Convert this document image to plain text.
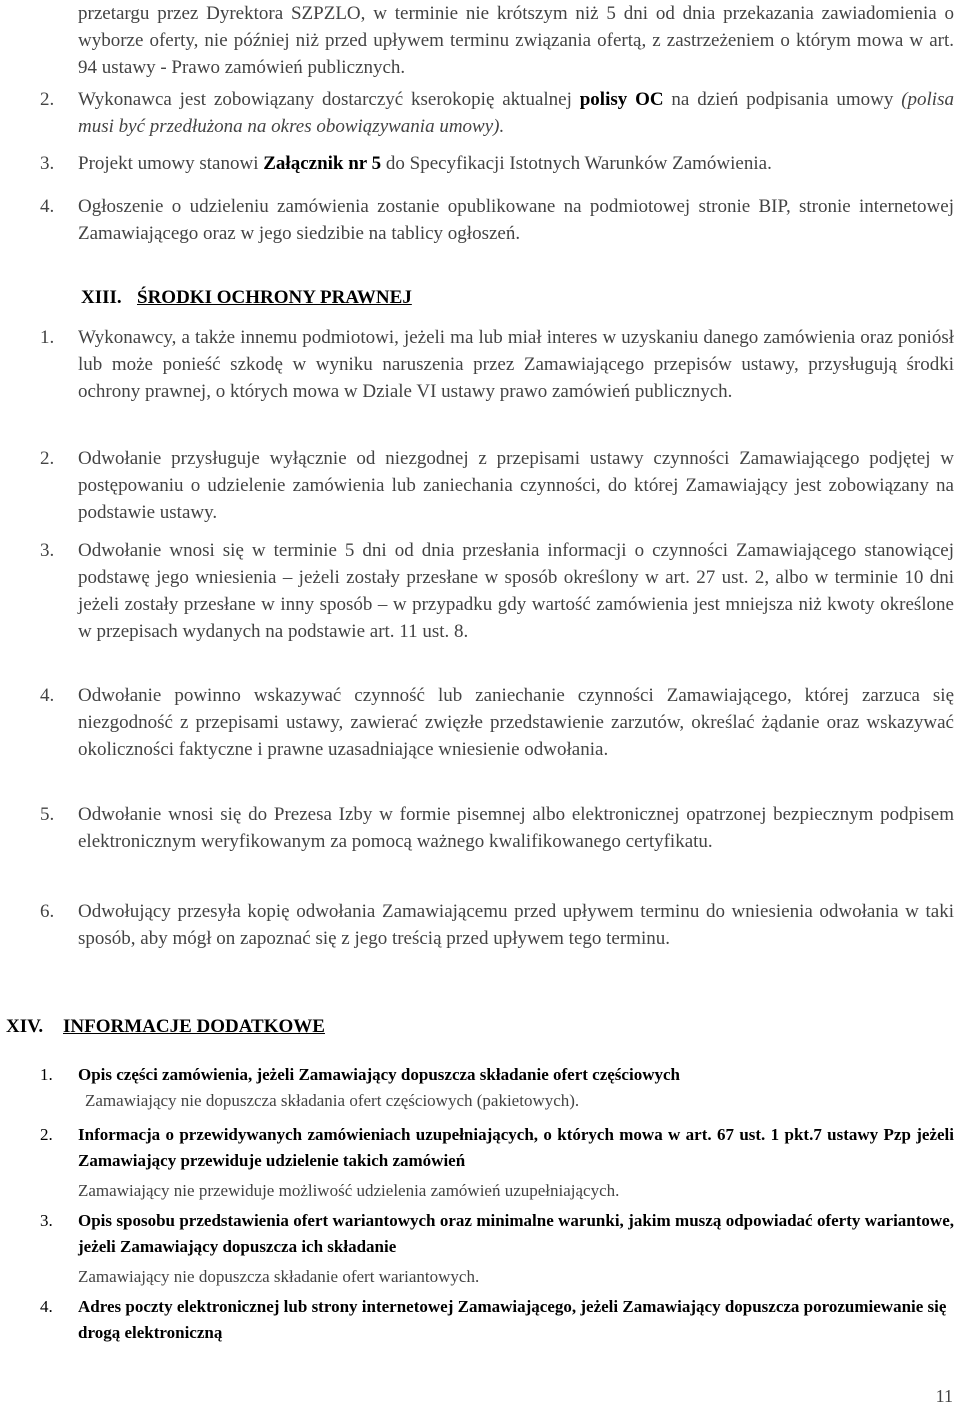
przetargu przez Dyrektora SZPZLO, w terminie nie krótszym niż 5 dni od dnia przekazania zawiadomienia o wyborze oferty, nie później niż przed upływem terminu związania ofertą, z zastrzeżeniem o którym mowa w art. 94 ustawy - Prawo zamówień publicznych.

2. Wykonawca jest zobowiązany dostarczyć kserokopię aktualnej polisy OC na dzień podpisania umowy (polisa musi być przedłużona na okres obowiązywania umowy).

3. Projekt umowy stanowi Załącznik nr 5 do Specyfikacji Istotnych Warunków Zamówienia.

4. Ogłoszenie o udzieleniu zamówienia zostanie opublikowane na podmiotowej stronie BIP, stronie internetowej Zamawiającego oraz w jego siedzibie na tablicy ogłoszeń.

XIII. ŚRODKI OCHRONY PRAWNEJ
1. Wykonawcy, a także innemu podmiotowi, jeżeli ma lub miał interes w uzyskaniu danego zamówienia oraz poniósł lub może ponieść szkodę w wyniku naruszenia przez Zamawiającego przepisów ustawy, przysługują środki ochrony prawnej, o których mowa w Dziale VI ustawy prawo zamówień publicznych.

2. Odwołanie przysługuje wyłącznie od niezgodnej z przepisami ustawy czynności Zamawiającego podjętej w postępowaniu o udzielenie zamówienia lub zaniechania czynności, do której Zamawiający jest zobowiązany na podstawie ustawy.

3. Odwołanie wnosi się w terminie 5 dni od dnia przesłania informacji o czynności Zamawiającego stanowiącej podstawę jego wniesienia – jeżeli zostały przesłane w sposób określony w art. 27 ust. 2, albo w terminie 10 dni jeżeli zostały przesłane w inny sposób – w przypadku gdy wartość zamówienia jest mniejsza niż kwoty określone w przepisach wydanych na podstawie art. 11 ust. 8.

4. Odwołanie powinno wskazywać czynność lub zaniechanie czynności Zamawiającego, której zarzuca się niezgodność z przepisami ustawy, zawierać zwięzłe przedstawienie zarzutów, określać żądanie oraz wskazywać okoliczności faktyczne i prawne uzasadniające wniesienie odwołania.

5. Odwołanie wnosi się do Prezesa Izby w formie pisemnej albo elektronicznej opatrzonej bezpiecznym podpisem elektronicznym weryfikowanym za pomocą ważnego kwalifikowanego certyfikatu.

6. Odwołujący przesyła kopię odwołania Zamawiającemu przed upływem terminu do wniesienia odwołania w taki sposób, aby mógł on zapoznać się z jego treścią przed upływem tego terminu.

XIV. INFORMACJE DODATKOWE
1. Opis części zamówienia, jeżeli Zamawiający dopuszcza składanie ofert częściowych

Zamawiający nie dopuszcza składania ofert częściowych (pakietowych).

2. Informacja o przewidywanych zamówieniach uzupełniających, o których mowa w art. 67 ust. 1 pkt.7 ustawy Pzp jeżeli Zamawiający przewiduje udzielenie takich zamówień

Zamawiający nie przewiduje możliwość udzielenia zamówień uzupełniających.

3. Opis sposobu przedstawienia ofert wariantowych oraz minimalne warunki, jakim muszą odpowiadać oferty wariantowe, jeżeli Zamawiający dopuszcza ich składanie

Zamawiający nie dopuszcza składanie ofert wariantowych.

4. Adres poczty elektronicznej lub strony internetowej Zamawiającego, jeżeli Zamawiający dopuszcza porozumiewanie się drogą elektroniczną

11
